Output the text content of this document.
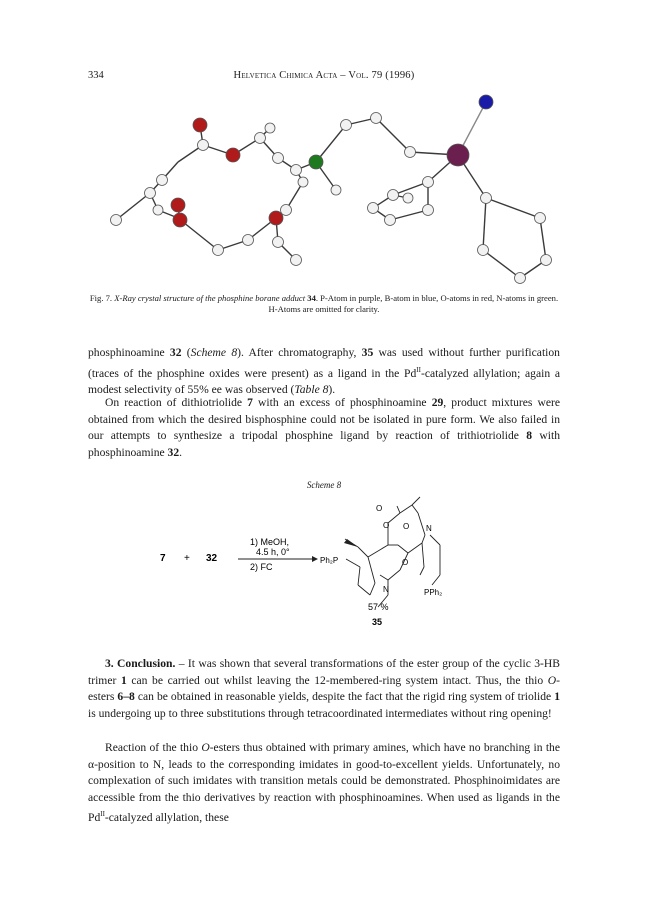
334	Helvetica Chimica Acta – Vol. 79 (1996)
Fig. 7. X-Ray crystal structure of the phosphine borane adduct 34. P-Atom in purple, B-atom in blue, O-atoms in red, N-atoms in green. H-Atoms are omitted for clarity.
phosphinoamine 32 (Scheme 8). After chromatography, 35 was used without further purification (traces of the phosphine oxides were present) as a ligand in the $Pd^{II}$-catalyzed allylation; again a modest selectivity of 55% ee was observed (Table 8).
On reaction of dithiotriolide 7 with an excess of phosphinoamine 29, product mixtures were obtained from which the desired bisphosphine could not be isolated in pure form. We also failed in our attempts to synthesize a tripodal phosphine ligand by reaction of trithiotriolide 8 with phosphinoamine 32.
Scheme 8
7 + 32
1) MeOH,
4.5 h, 0°
2) FC
Ph₂P
PPh₂
O
O O
O
N
N
57 %
35
3. Conclusion. – It was shown that several transformations of the ester group of the cyclic 3-HB trimer 1 can be carried out whilst leaving the 12-membered-ring system intact. Thus, the thio O-esters 6–8 can be obtained in reasonable yields, despite the fact that the rigid ring system of triolide 1 is undergoing up to three substitutions through tetracoordinated intermediates without ring opening!
Reaction of the thio O-esters thus obtained with primary amines, which have no branching in the α-position to N, leads to the corresponding imidates in good-to-excellent yields. Unfortunately, no complexation of such imidates with transition metals could be demonstrated. Phosphinoimidates are accessible from the thio derivatives by reaction with phosphinoamines. When used as ligands in the $Pd^{II}$-catalyzed allylation, these
